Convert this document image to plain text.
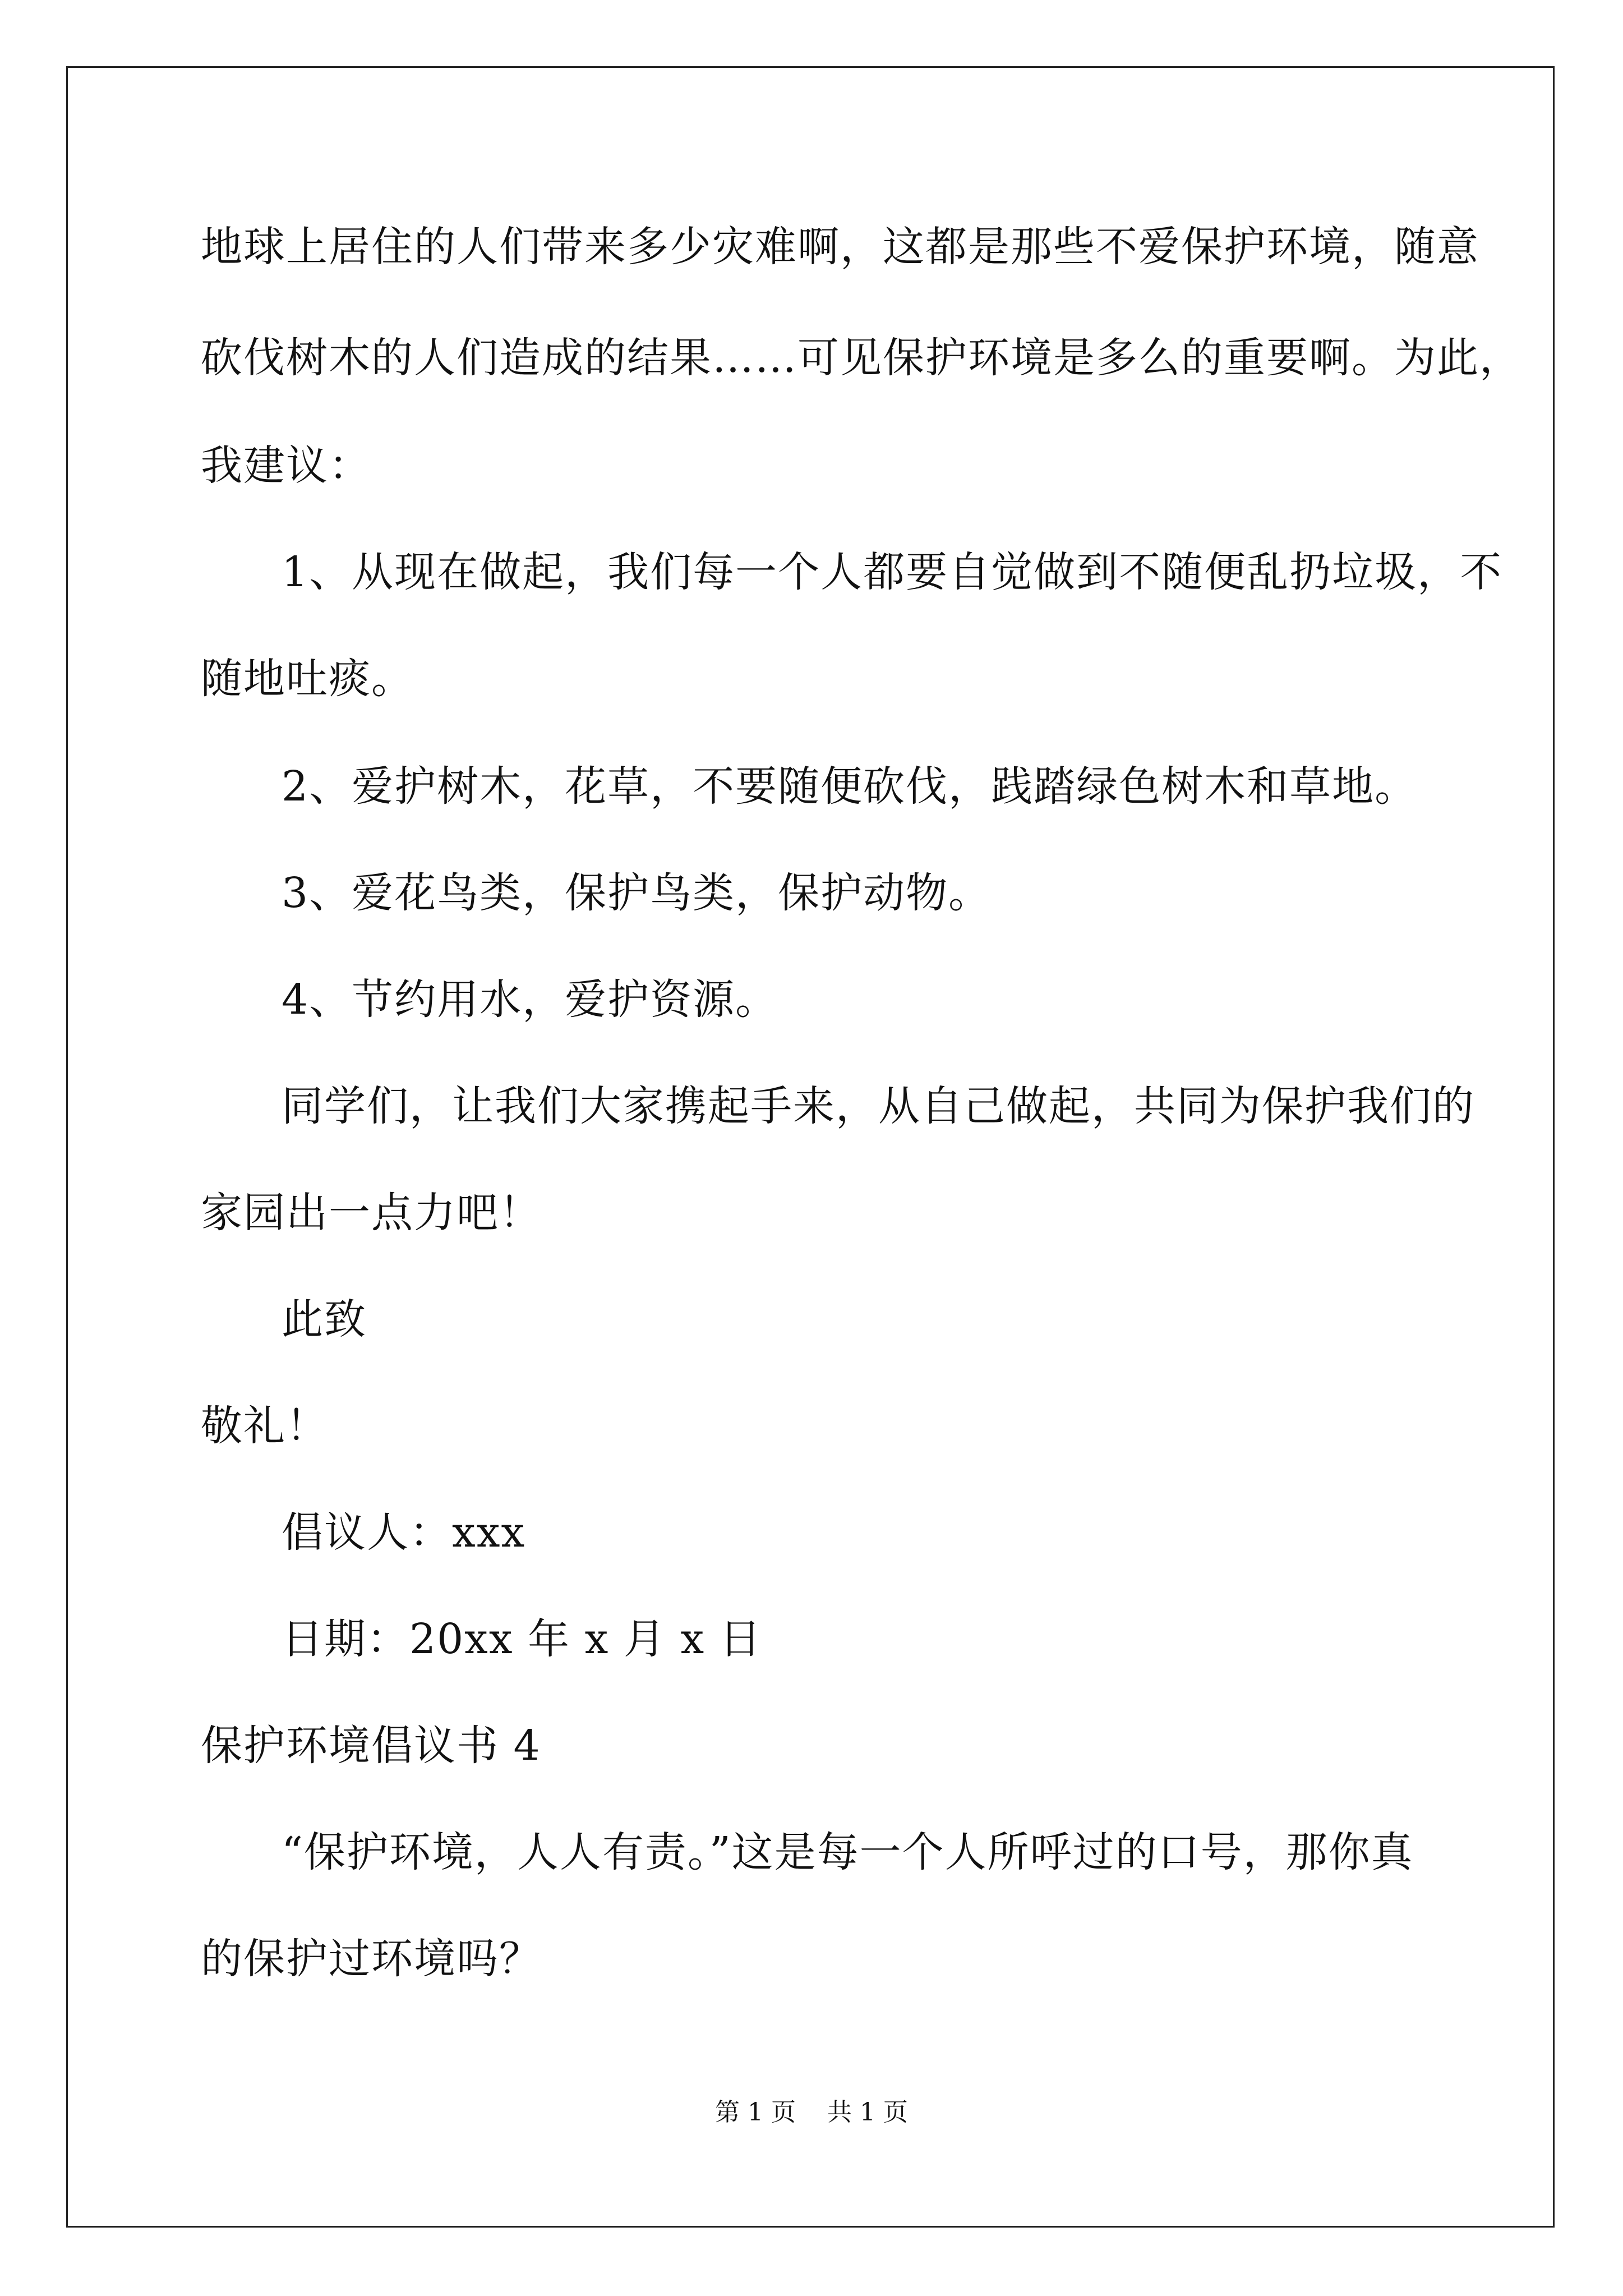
地球上居住的人们带来多少灾难啊，这都是那些不爱保护环境，随意
砍伐树木的人们造成的结果……可见保护环境是多么的重要啊。为此，
我建议：
1、从现在做起，我们每一个人都要自觉做到不随便乱扔垃圾，不
随地吐痰。
2、爱护树木，花草，不要随便砍伐，践踏绿色树木和草地。
3、爱花鸟类，保护鸟类，保护动物。
4、节约用水，爱护资源。
同学们，让我们大家携起手来，从自己做起，共同为保护我们的
家园出一点力吧！
此致
敬礼！
倡议人：xxx
日期：20xx 年 x 月 x 日
保护环境倡议书 4
“保护环境，人人有责。”这是每一个人所呼过的口号，那你真
的保护过环境吗？
第 1 页    共 1 页
